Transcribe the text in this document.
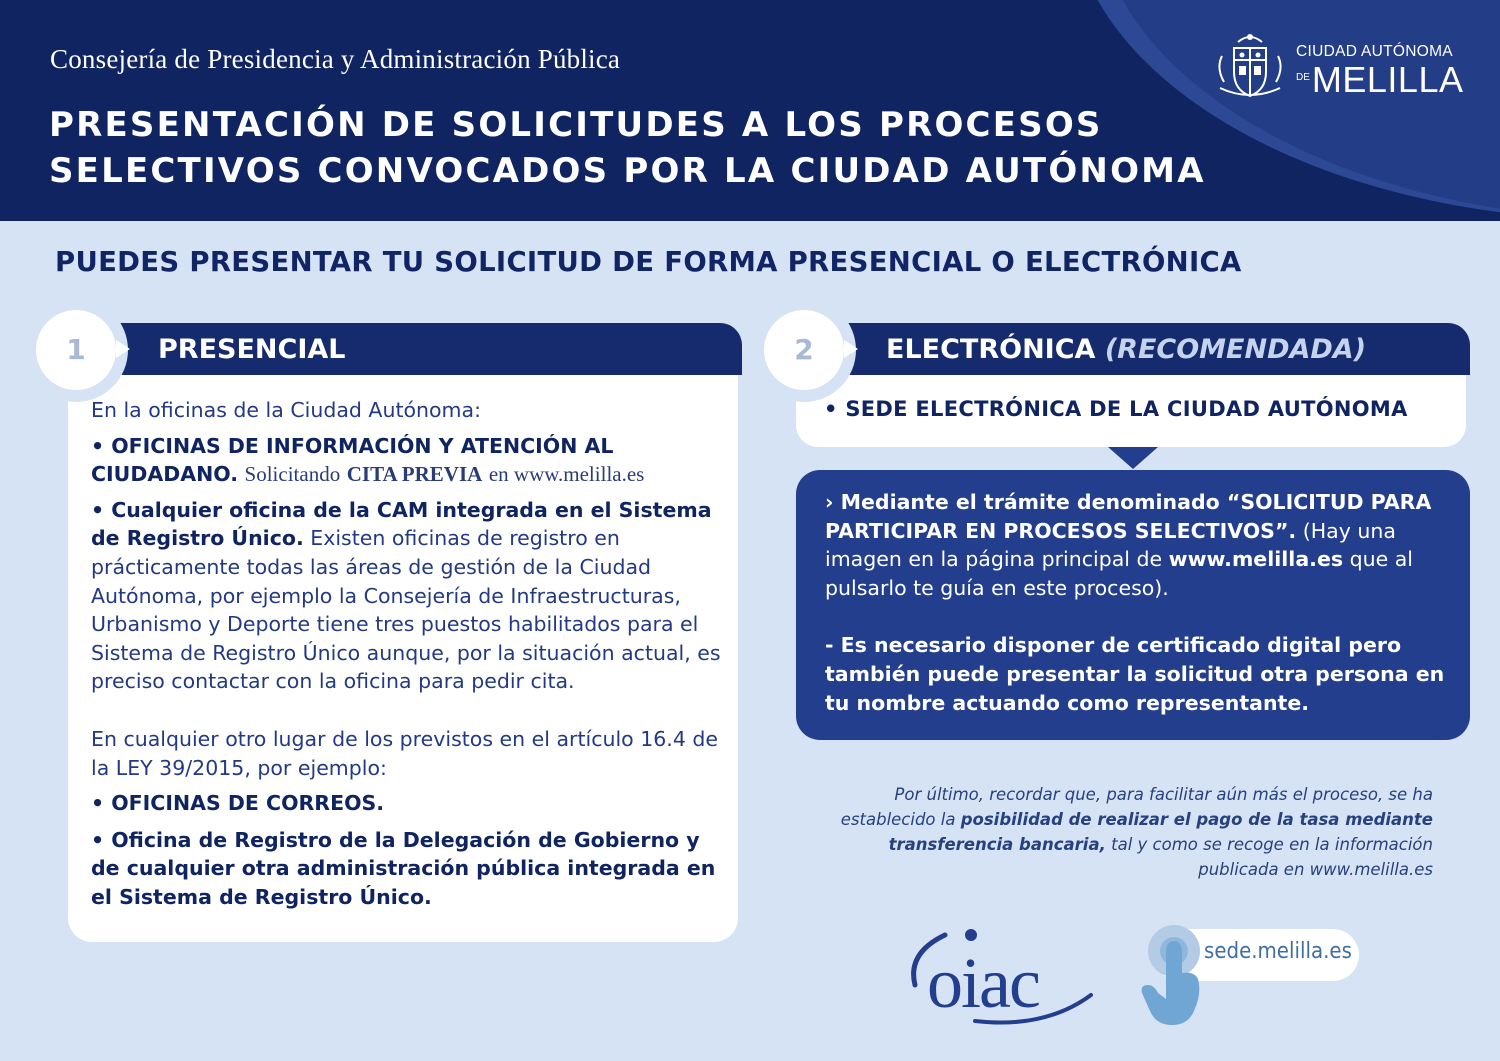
Consejería de Presidencia y Administración Pública
PRESENTACIÓN DE SOLICITUDES A LOS PROCESOS
SELECTIVOS CONVOCADOS POR LA CIUDAD AUTÓNOMA
CIUDAD AUTÓNOMA
$^{DE}$MELILLA
PUEDES PRESENTAR TU SOLICITUD DE FORMA PRESENCIAL O ELECTRÓNICA
PRESENCIAL
1

En la oficinas de la Ciudad Autónoma:

• OFICINAS DE INFORMACIÓN Y ATENCIÓN AL CIUDADANO. Solicitando CITA PREVIA en www.melilla.es

• Cualquier oficina de la CAM integrada en el Sistema de Registro Único. Existen oficinas de registro en prácticamente todas las áreas de gestión de la Ciudad Autónoma, por ejemplo la Consejería de Infraestructuras, Urbanismo y Deporte tiene tres puestos habilitados para el Sistema de Registro Único aunque, por la situación actual, es preciso contactar con la oficina para pedir cita.

En cualquier otro lugar de los previstos en el artículo 16.4 de la LEY 39/2015, por ejemplo:

• OFICINAS DE CORREOS.

• Oficina de Registro de la Delegación de Gobierno y de cualquier otra administración pública integrada en el Sistema de Registro Único.

ELECTRÓNICA (RECOMENDADA)
2
• SEDE ELECTRÓNICA DE LA CIUDAD AUTÓNOMA

› Mediante el trámite denominado “SOLICITUD PARA PARTICIPAR EN PROCESOS SELECTIVOS”. (Hay una imagen en la página principal de www.melilla.es que al pulsarlo te guía en este proceso).

- Es necesario disponer de certificado digital pero también puede presentar la solicitud otra persona en tu nombre actuando como representante.

Por último, recordar que, para facilitar aún más el proceso, se ha establecido la posibilidad de realizar el pago de la tasa mediante transferencia bancaria, tal y como se recoge en la información publicada en www.melilla.es
oiac	sede.melilla.es
